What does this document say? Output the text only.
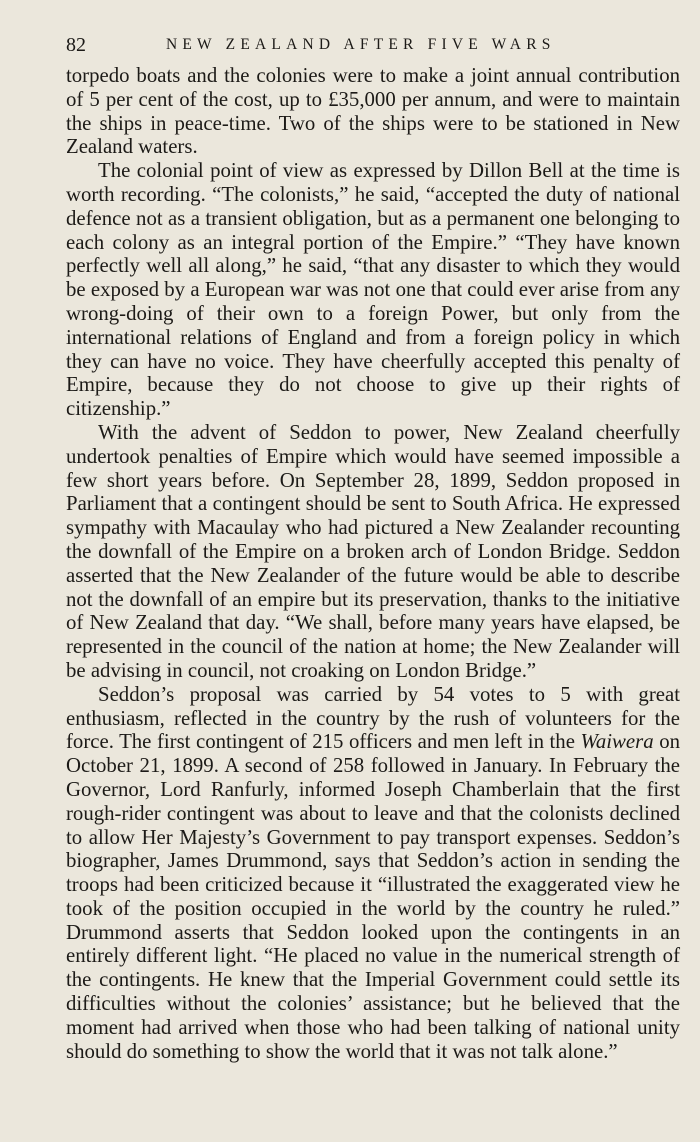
82	NEW ZEALAND AFTER FIVE WARS

torpedo boats and the colonies were to make a joint annual contribution of 5 per cent of the cost, up to £35,000 per annum, and were to maintain the ships in peace-time. Two of the ships were to be stationed in New Zealand waters.

The colonial point of view as expressed by Dillon Bell at the time is worth recording. “The colonists,” he said, “accepted the duty of national defence not as a transient obligation, but as a permanent one belonging to each colony as an integral portion of the Empire.” “They have known perfectly well all along,” he said, “that any disaster to which they would be exposed by a European war was not one that could ever arise from any wrong-doing of their own to a foreign Power, but only from the international relations of England and from a foreign policy in which they can have no voice. They have cheerfully accepted this penalty of Empire, because they do not choose to give up their rights of citizenship.”

With the advent of Seddon to power, New Zealand cheerfully undertook penalties of Empire which would have seemed impossible a few short years before. On September 28, 1899, Seddon proposed in Parliament that a contingent should be sent to South Africa. He expressed sympathy with Macaulay who had pictured a New Zealander recounting the downfall of the Empire on a broken arch of London Bridge. Seddon asserted that the New Zealander of the future would be able to describe not the downfall of an empire but its preservation, thanks to the initiative of New Zealand that day. “We shall, before many years have elapsed, be represented in the council of the nation at home; the New Zealander will be advising in council, not croaking on London Bridge.”

Seddon’s proposal was carried by 54 votes to 5 with great enthusiasm, reflected in the country by the rush of volunteers for the force. The first contingent of 215 officers and men left in the Waiwera on October 21, 1899. A second of 258 followed in January. In February the Governor, Lord Ranfurly, informed Joseph Chamberlain that the first rough-rider contingent was about to leave and that the colonists declined to allow Her Majesty’s Government to pay transport expenses. Seddon’s biographer, James Drummond, says that Seddon’s action in sending the troops had been criticized because it “illustrated the exaggerated view he took of the position occupied in the world by the country he ruled.” Drummond asserts that Seddon looked upon the contingents in an entirely different light. “He placed no value in the numerical strength of the contingents. He knew that the Imperial Government could settle its difficulties without the colonies’ assistance; but he believed that the moment had arrived when those who had been talking of national unity should do something to show the world that it was not talk alone.”
